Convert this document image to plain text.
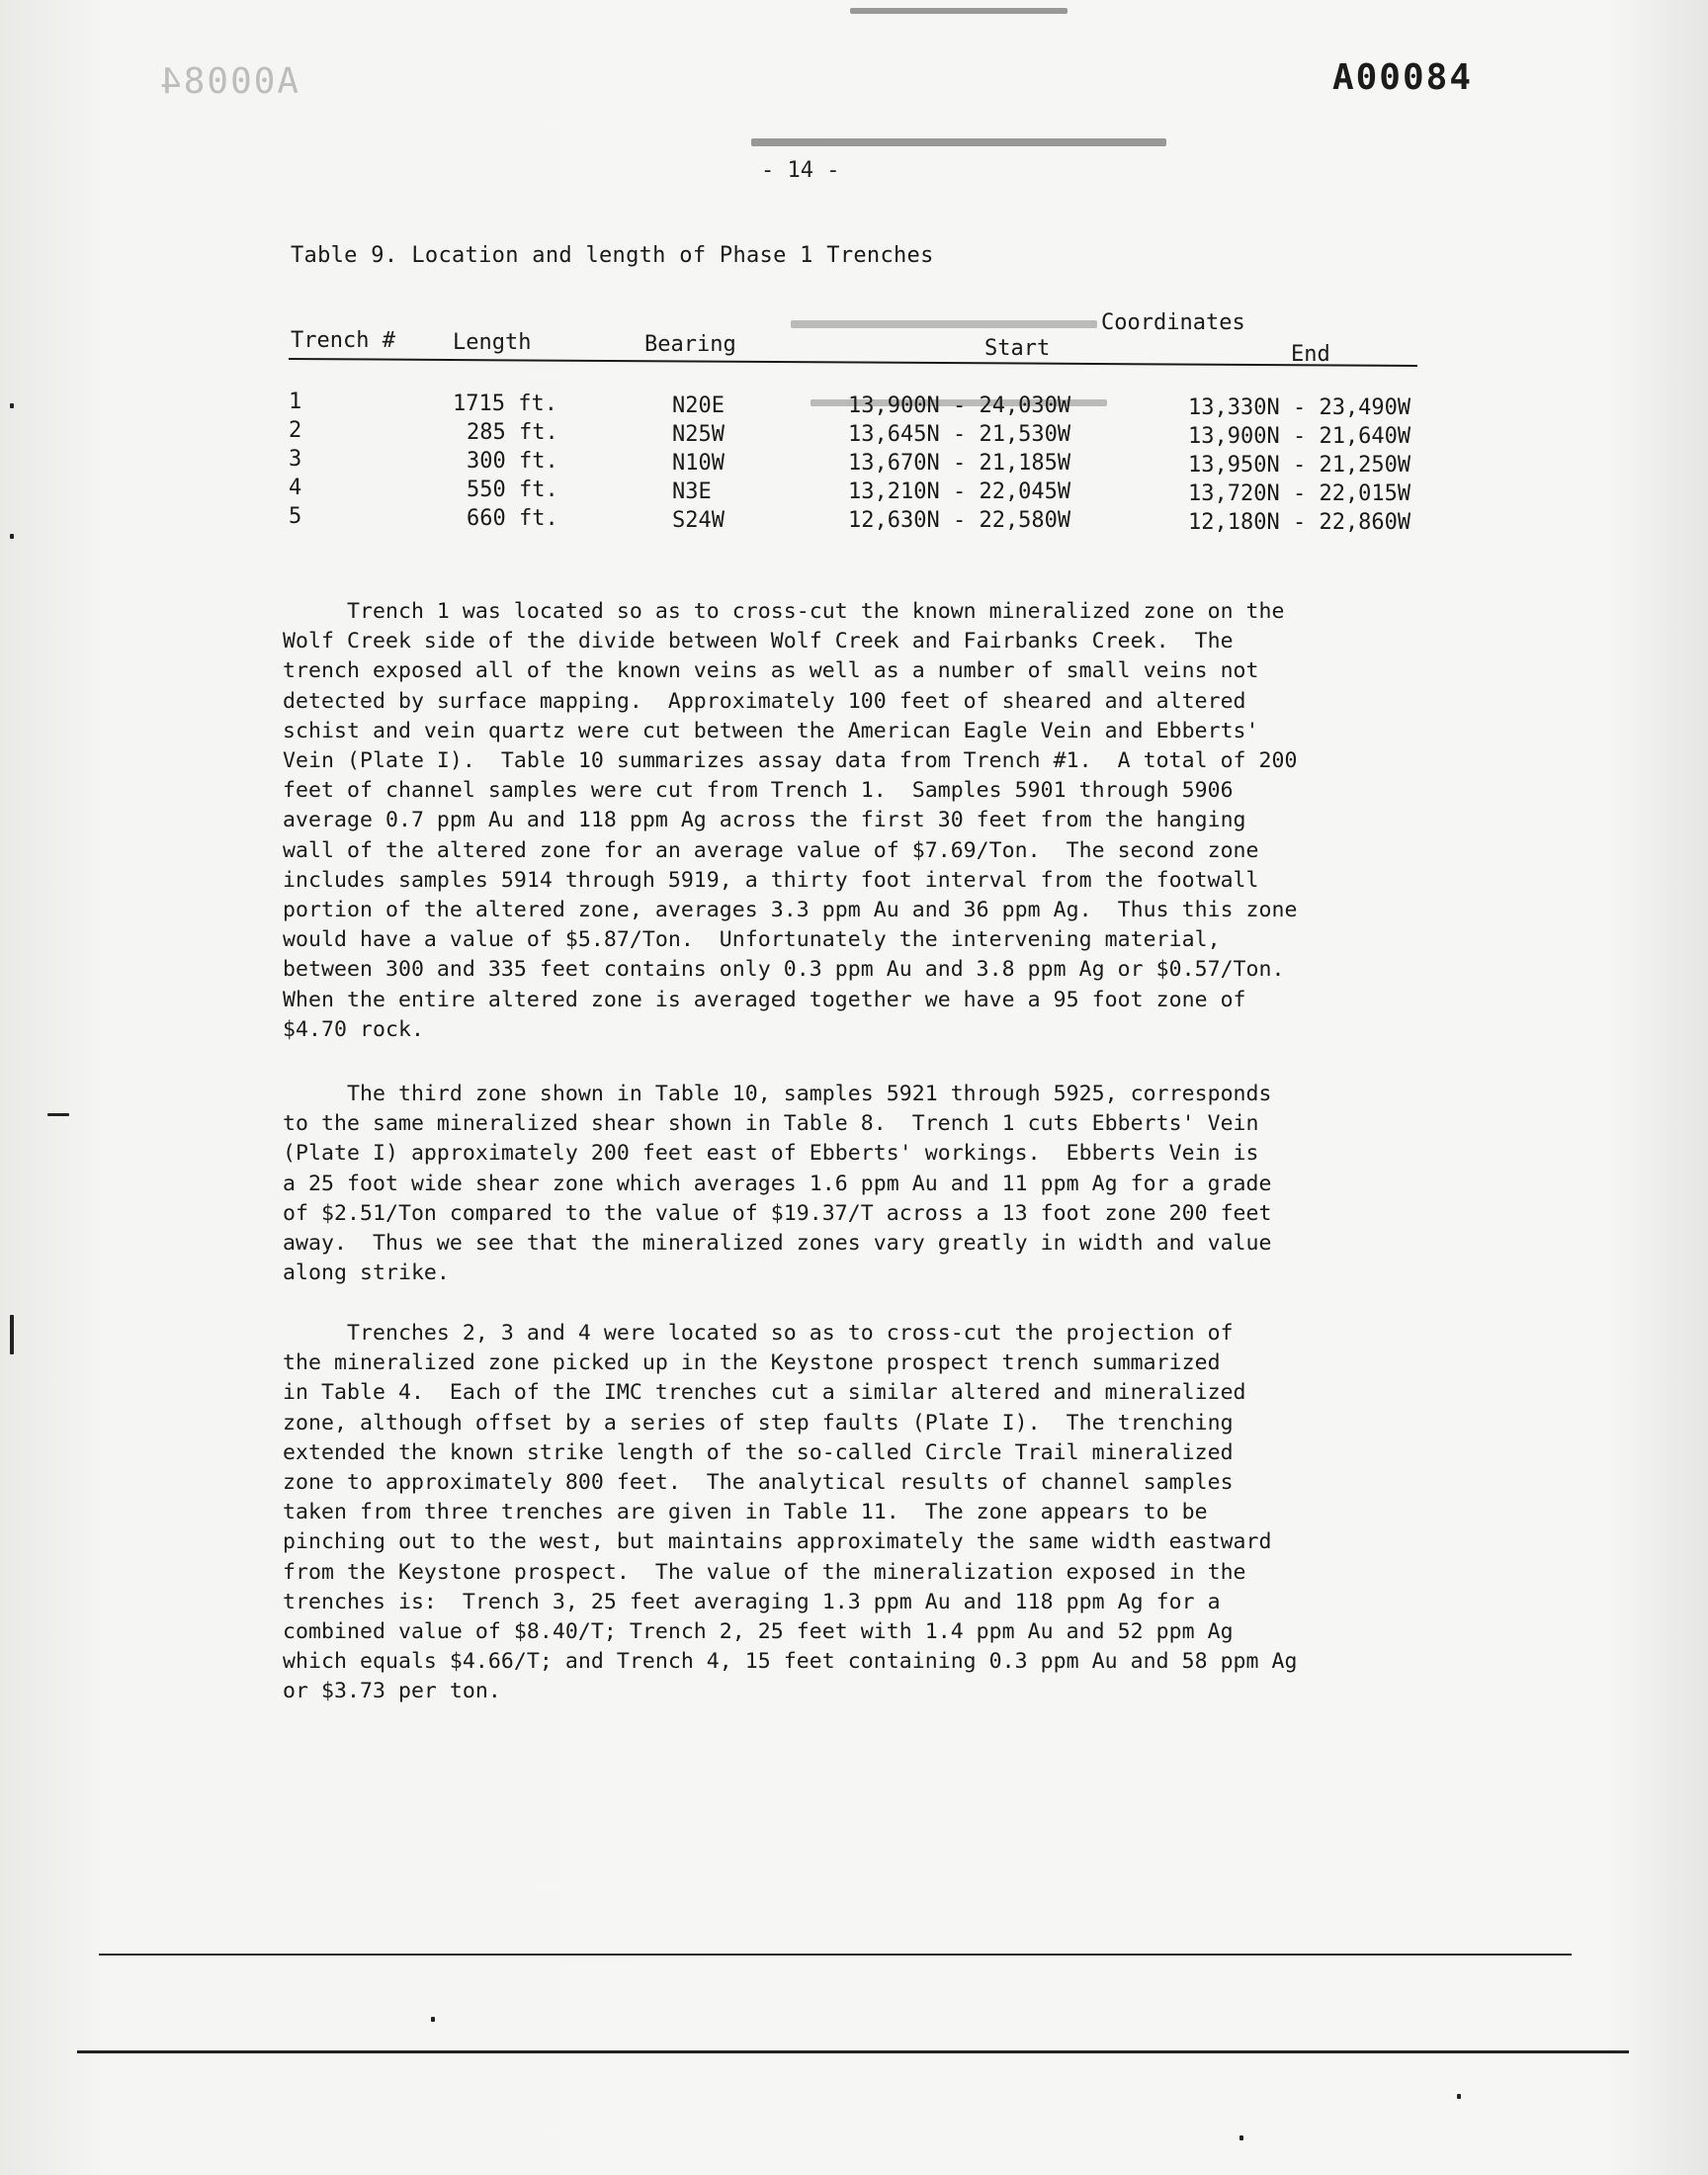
A00084	A00084
- 14 -
Table 9. Location and length of Phase 1 Trenches
Trench #	Length	Bearing
Coordinates
Start	End
1	1715 ft.	N20E	13,900N - 24,030W	13,330N - 23,490W
2	285 ft.	N25W	13,645N - 21,530W	13,900N - 21,640W
3	300 ft.	N10W	13,670N - 21,185W	13,950N - 21,250W
4	550 ft.	N3E	13,210N - 22,045W	13,720N - 22,015W
5	660 ft.	S24W	12,630N - 22,580W	12,180N - 22,860W

Trench 1 was located so as to cross-cut the known mineralized zone on the

Wolf Creek side of the divide between Wolf Creek and Fairbanks Creek.  The

trench exposed all of the known veins as well as a number of small veins not

detected by surface mapping.  Approximately 100 feet of sheared and altered

schist and vein quartz were cut between the American Eagle Vein and Ebberts'

Vein (Plate I).  Table 10 summarizes assay data from Trench #1.  A total of 200

feet of channel samples were cut from Trench 1.  Samples 5901 through 5906

average 0.7 ppm Au and 118 ppm Ag across the first 30 feet from the hanging

wall of the altered zone for an average value of $7.69/Ton.  The second zone

includes samples 5914 through 5919, a thirty foot interval from the footwall

portion of the altered zone, averages 3.3 ppm Au and 36 ppm Ag.  Thus this zone

would have a value of $5.87/Ton.  Unfortunately the intervening material,

between 300 and 335 feet contains only 0.3 ppm Au and 3.8 ppm Ag or $0.57/Ton.

When the entire altered zone is averaged together we have a 95 foot zone of

$4.70 rock.

The third zone shown in Table 10, samples 5921 through 5925, corresponds

to the same mineralized shear shown in Table 8.  Trench 1 cuts Ebberts' Vein

(Plate I) approximately 200 feet east of Ebberts' workings.  Ebberts Vein is

a 25 foot wide shear zone which averages 1.6 ppm Au and 11 ppm Ag for a grade

of $2.51/Ton compared to the value of $19.37/T across a 13 foot zone 200 feet

away.  Thus we see that the mineralized zones vary greatly in width and value

along strike.

Trenches 2, 3 and 4 were located so as to cross-cut the projection of

the mineralized zone picked up in the Keystone prospect trench summarized

in Table 4.  Each of the IMC trenches cut a similar altered and mineralized

zone, although offset by a series of step faults (Plate I).  The trenching

extended the known strike length of the so-called Circle Trail mineralized

zone to approximately 800 feet.  The analytical results of channel samples

taken from three trenches are given in Table 11.  The zone appears to be

pinching out to the west, but maintains approximately the same width eastward

from the Keystone prospect.  The value of the mineralization exposed in the

trenches is:  Trench 3, 25 feet averaging 1.3 ppm Au and 118 ppm Ag for a

combined value of $8.40/T; Trench 2, 25 feet with 1.4 ppm Au and 52 ppm Ag

which equals $4.66/T; and Trench 4, 15 feet containing 0.3 ppm Au and 58 ppm Ag

or $3.73 per ton.
